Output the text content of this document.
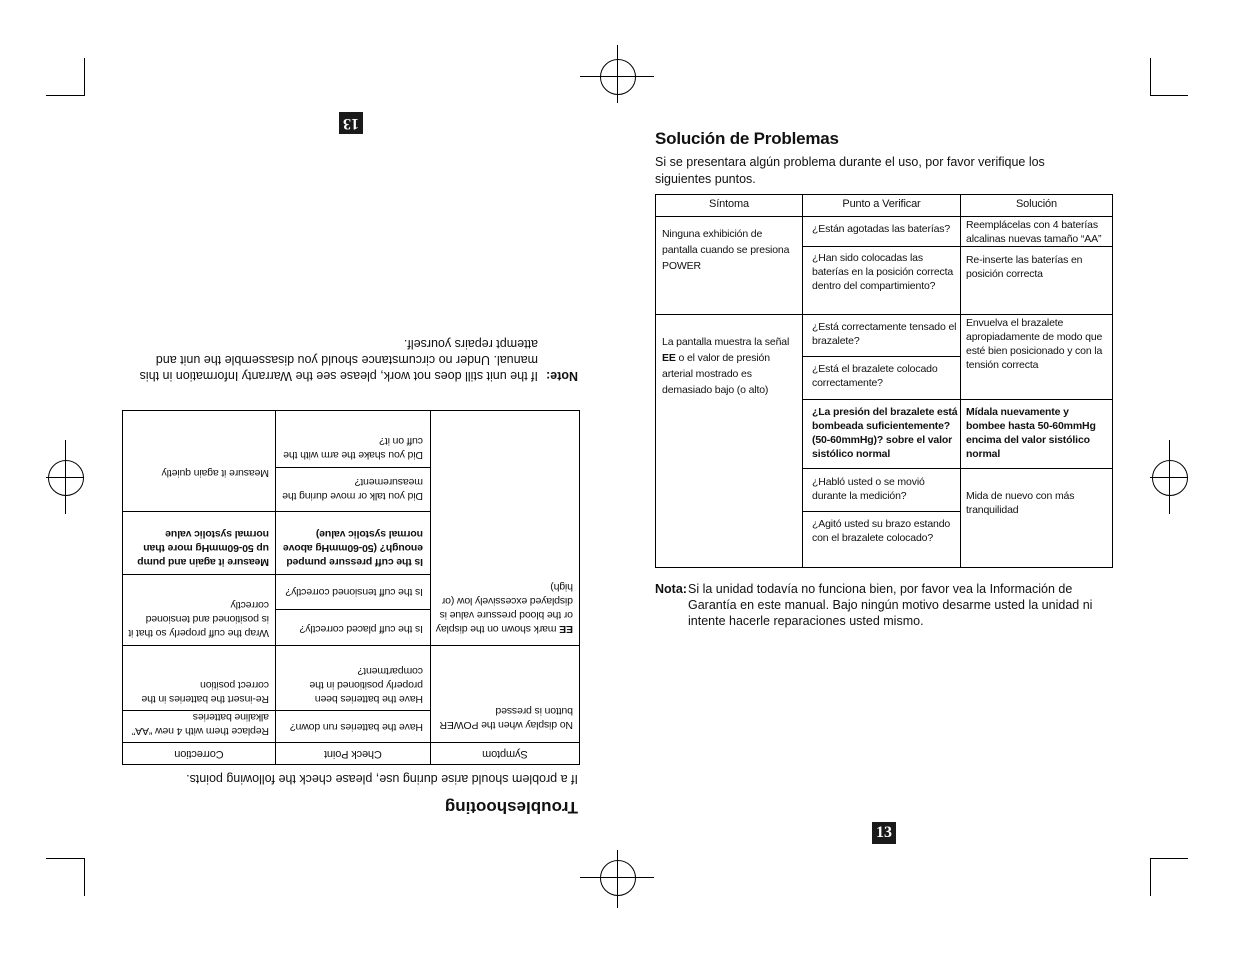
Solución de Problemas
Si se presentara algún problema durante el uso, por favor verifique los siguientes puntos.
Síntoma	Punto a Verificar	Solución
Ninguna exhibición de pantalla cuando se presiona POWER
La pantalla muestra la señal EE o el valor de presión arterial mostrado es demasiado bajo (o alto)
¿Están agotadas las baterías?
¿Han sido colocadas las baterías en la posición correcta dentro del compartimiento?
¿Está correctamente tensado el brazalete?
¿Está el brazalete colocado correctamente?
¿La presión del brazalete está bombeada suficientemente? (50-60mmHg)? sobre el valor sistólico normal
¿Habló usted o se movió durante la medición?
¿Agitó usted su brazo estando con el brazalete colocado?
Reemplácelas con 4 baterías alcalinas nuevas tamaño “AA”
Re-inserte las baterías en posición correcta
Envuelva el brazalete apropiadamente de modo que esté bien posicionado y con la tensión correcta
Mídala nuevamente y bombee hasta 50-60mmHg encima del valor sistólico normal
Mida de nuevo con más tranquilidad
Nota: Si la unidad todavía no funciona bien, por favor vea la Información de Garantía en este manual. Bajo ningún motivo desarme usted la unidad ni intente hacerle reparaciones usted mismo.
13
Troubleshooting
If a problem should arise during use, please check the following points.
Symptom
Check Point
Correction
No display when the POWER button is pressed
EE mark shown on the display or the blood pressure value is displayed excessively low (or high)
Have the batteries run down?
Have the batteries been properly positioned in the compartment?
Is the cuff placed correctly?
Is the cuff tensioned correctly?
Is the cuff pressure pumped enough? (50-60mmHg above normal systolic value)
Did you talk or move during the measurement?
Did you shake the arm with the cuff on it?
Replace them with 4 new “AA” alkaline batteries
Re-insert the batteries in the correct position
Wrap the cuff properly so that it is positioned and tensioned correctly
Measure it again and pump up 50-60mmHg more than normal systolic value
Measure it again quietly
Note:
If the unit still does not work, please see the Warranty Information in this manual. Under no circumstance should you disassemble the unit and attempt repairs yourself.
13
